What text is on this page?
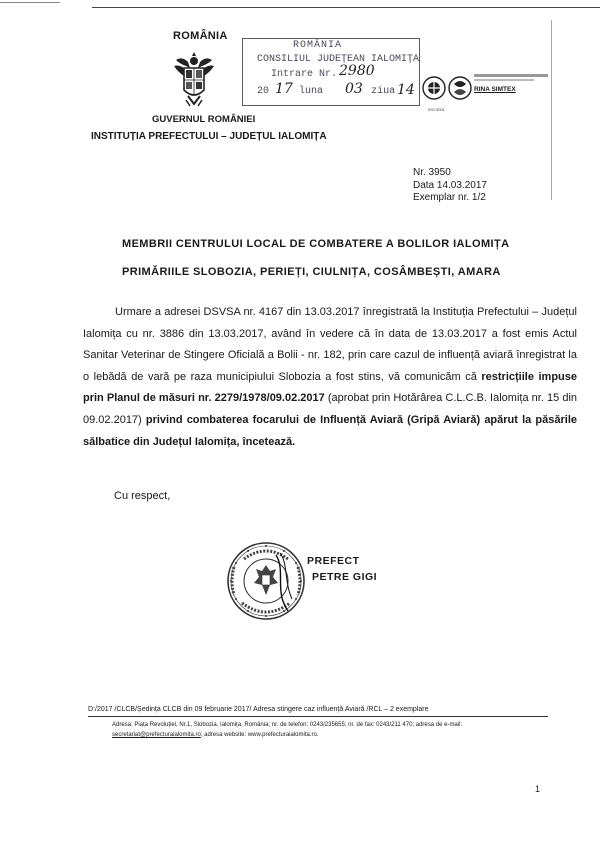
ROMÂNIA
GUVERNUL ROMÂNIEI
INSTITUȚIA PREFECTULUI – JUDEȚUL IALOMIȚA
ROMÂNIA
CONSILIUL JUDEȚEAN IALOMIȚA
Intrare Nr.
20	luna	ziua
2980
17	03 14	RINA SIMTEX
ISO 9001
Nr. 3950
Data 14.03.2017
Exemplar nr. 1/2
MEMBRII CENTRULUI LOCAL DE COMBATERE A BOLILOR IALOMIȚA
PRIMĂRIILE SLOBOZIA, PERIEȚI, CIULNIȚA, COSÂMBEȘTI, AMARA
Urmare a adresei DSVSA nr. 4167 din 13.03.2017 înregistrată la Instituția Prefectului – Județul Ialomița cu nr. 3886 din 13.03.2017, având în vedere că în data de 13.03.2017 a fost emis Actul Sanitar Veterinar de Stingere Oficială a Bolii - nr. 182, prin care cazul de influență aviară înregistrat la o lebădă de vară pe raza municipiului Slobozia a fost stins, vă comunicăm că restricțiile impuse prin Planul de măsuri nr. 2279/1978/09.02.2017 (aprobat prin Hotărârea C.L.C.B. Ialomița nr. 15 din 09.02.2017) privind combaterea focarului de Influență Aviară (Gripă Aviară) apărut la păsările sălbatice din Județul Ialomița, încetează.
Cu respect,
PREFECT
PETRE GIGI
D:/2017 /CLCB/Ședința CLCB din 09 februarie 2017/ Adresa stingere caz influență Aviară /RCL – 2 exemplare
Adresa: Piața Revoluției, Nr.1, Slobozia, Ialomița, România; nr. de telefon: 0243/235655; nr. de fax: 0243/211 470; adresa de e-mail:
secretariat@prefecturaialomita.ro; adresa website: www.prefecturaialomita.ro.
1
